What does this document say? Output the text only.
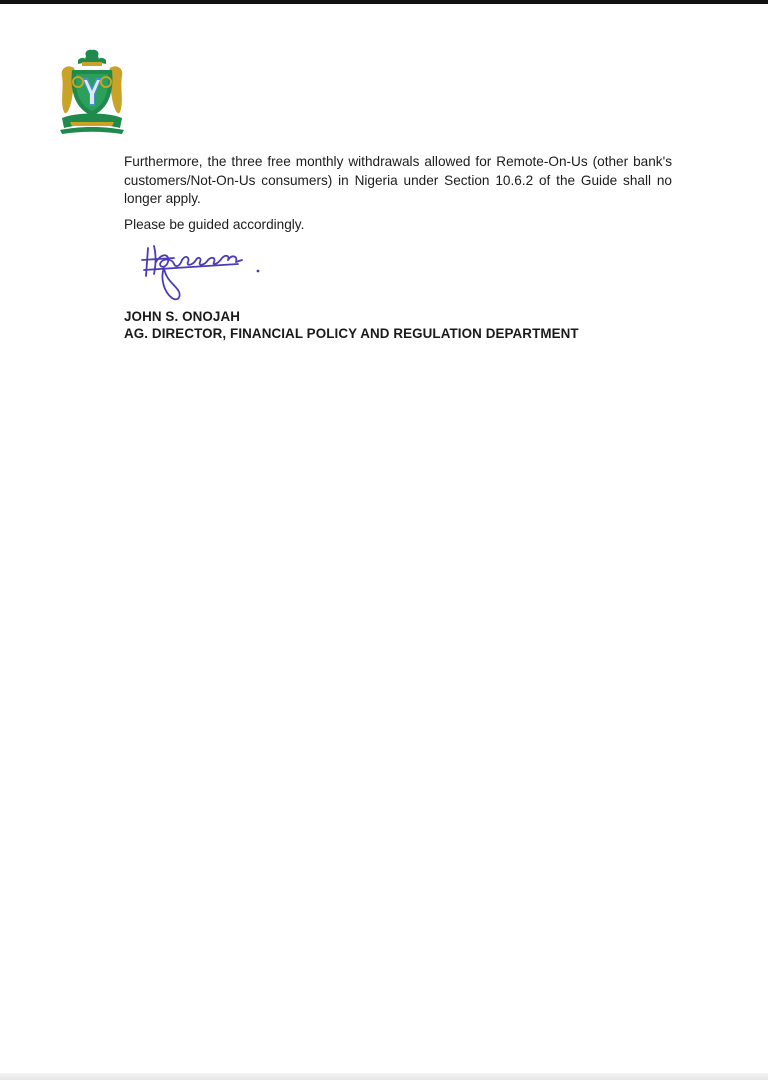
Furthermore, the three free monthly withdrawals allowed for Remote-On-Us (other bank's customers/Not-On-Us consumers) in Nigeria under Section 10.6.2 of the Guide shall no longer apply.

Please be guided accordingly.

JOHN S. ONOJAH
AG. DIRECTOR, FINANCIAL POLICY AND REGULATION DEPARTMENT
